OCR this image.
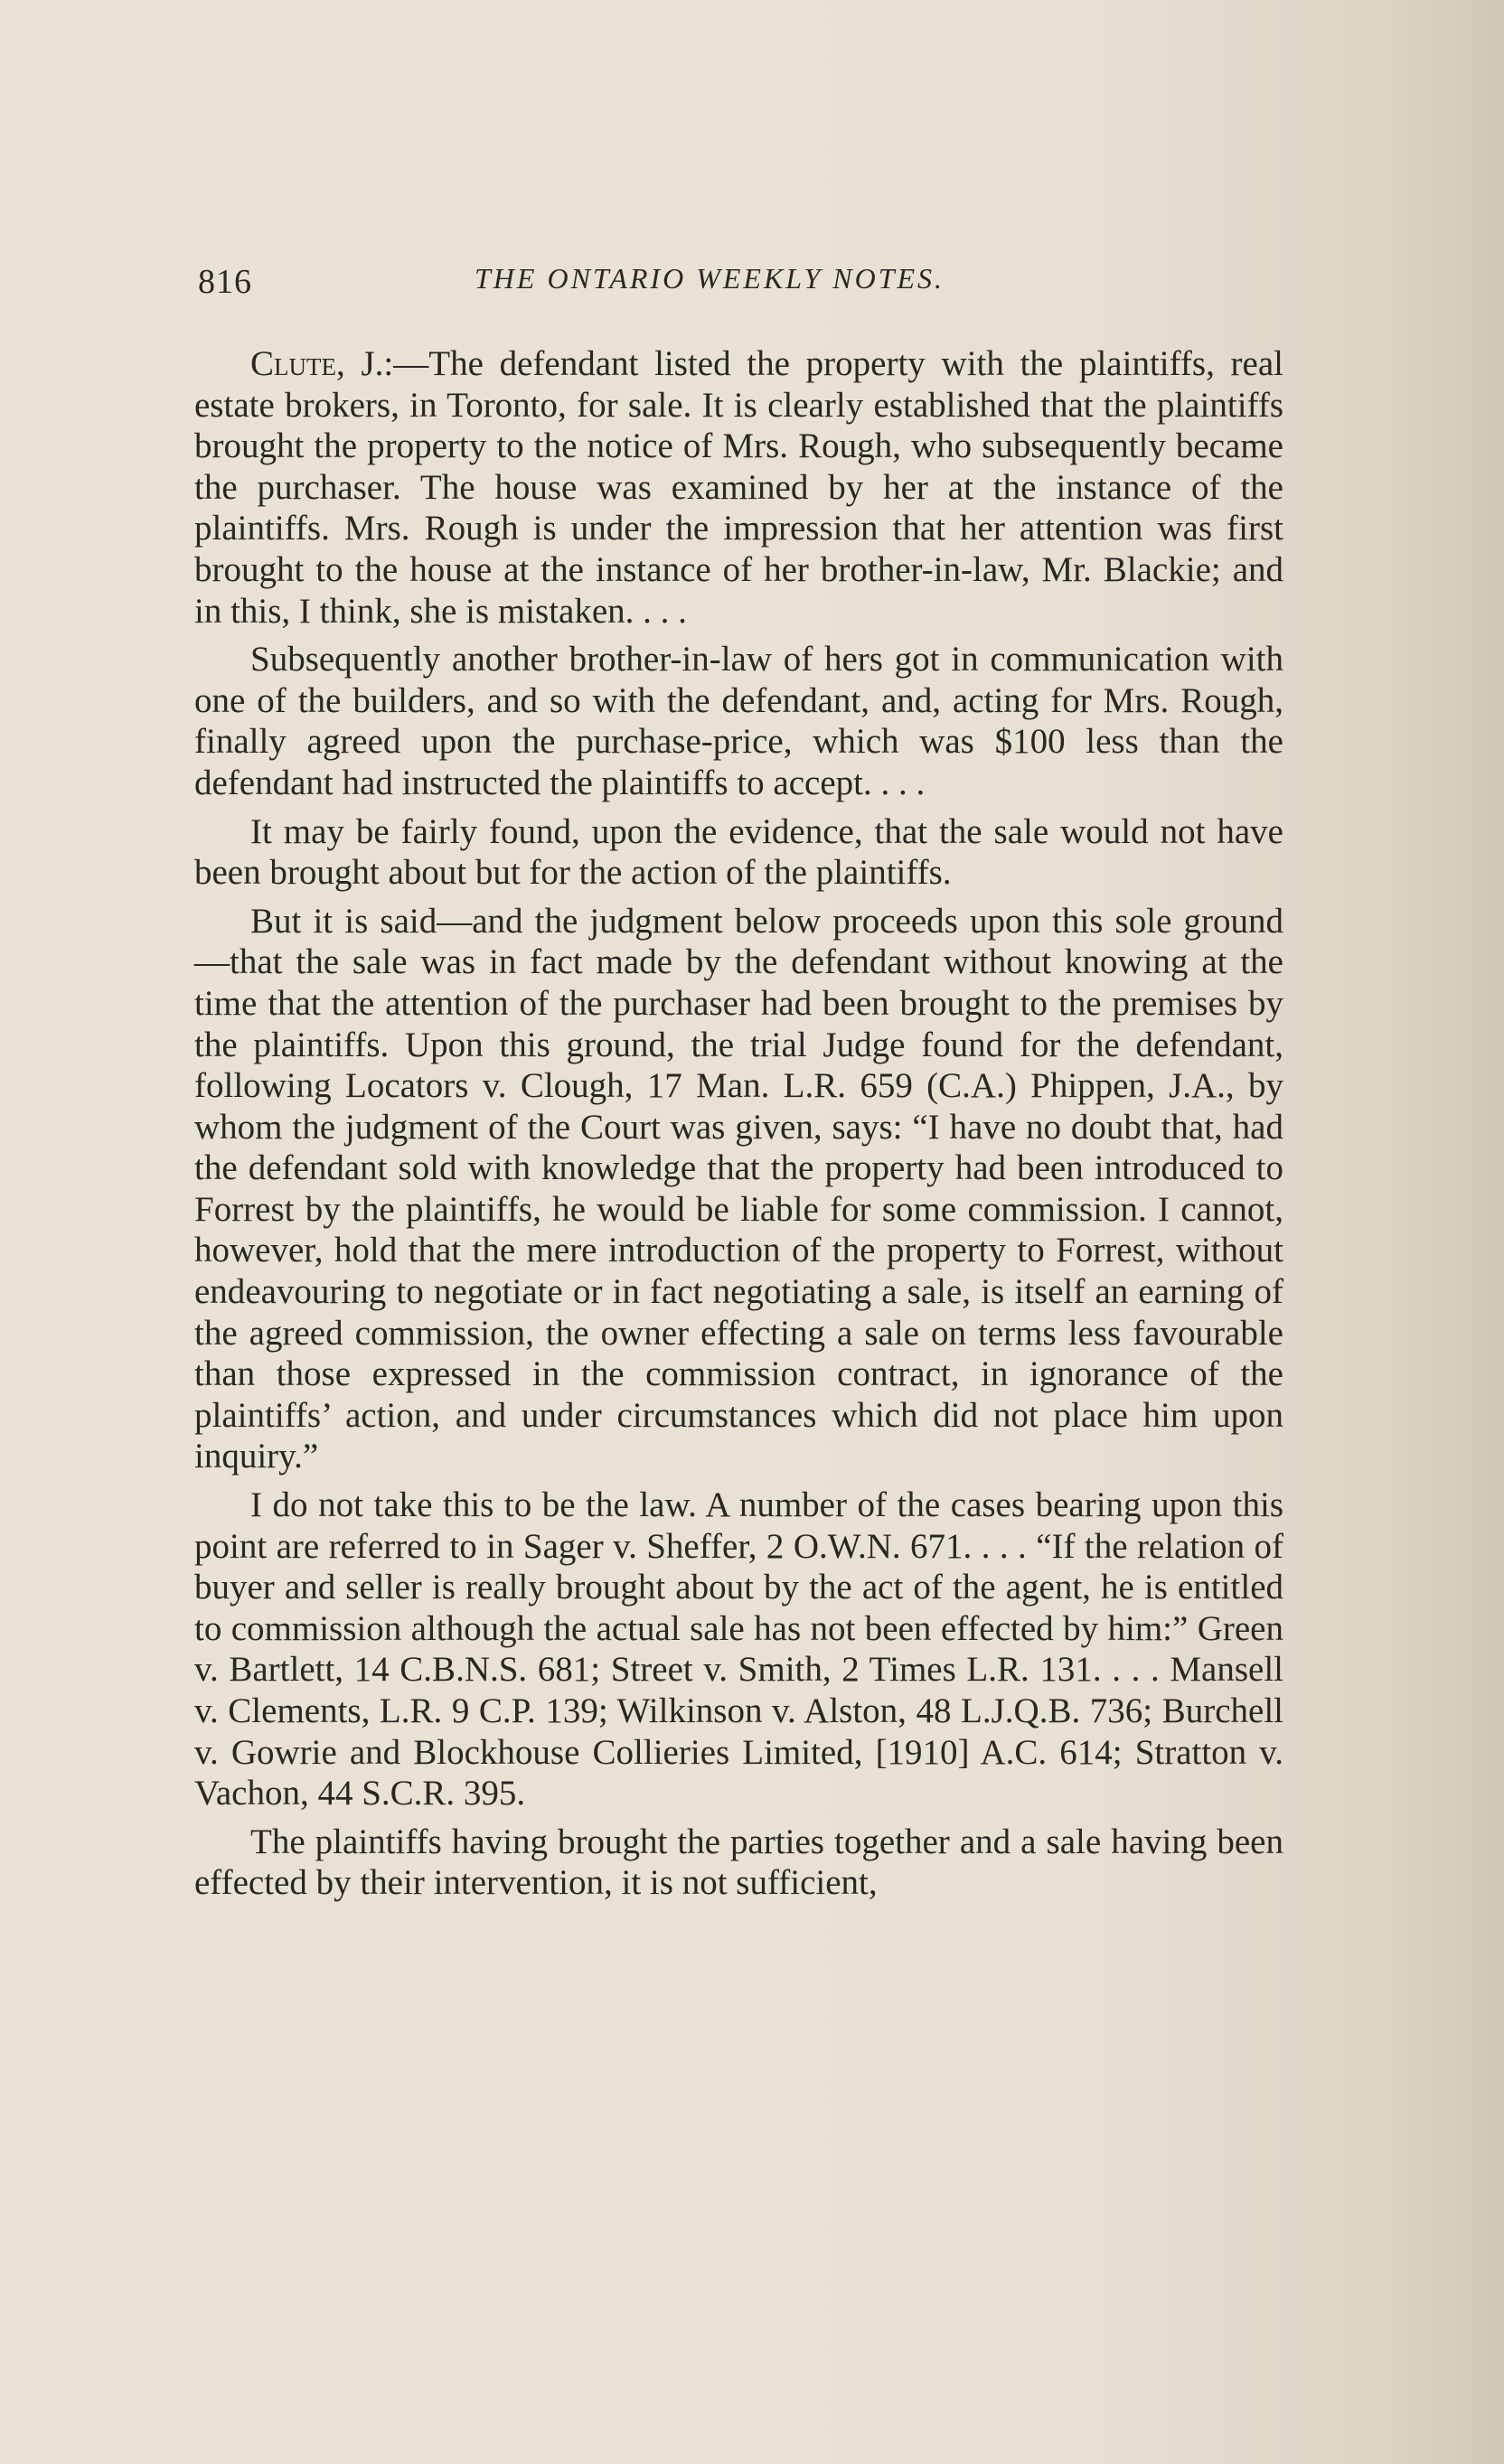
816	THE ONTARIO WEEKLY NOTES.

Clute, J.:—The defendant listed the property with the plaintiffs, real estate brokers, in Toronto, for sale. It is clearly established that the plaintiffs brought the property to the notice of Mrs. Rough, who subsequently became the purchaser. The house was examined by her at the instance of the plaintiffs. Mrs. Rough is under the impression that her attention was first brought to the house at the instance of her brother-in-law, Mr. Blackie; and in this, I think, she is mistaken. . . .

Subsequently another brother-in-law of hers got in communication with one of the builders, and so with the defendant, and, acting for Mrs. Rough, finally agreed upon the purchase-price, which was $100 less than the defendant had instructed the plaintiffs to accept. . . .

It may be fairly found, upon the evidence, that the sale would not have been brought about but for the action of the plaintiffs.

But it is said—and the judgment below proceeds upon this sole ground—that the sale was in fact made by the defendant without knowing at the time that the attention of the purchaser had been brought to the premises by the plaintiffs. Upon this ground, the trial Judge found for the defendant, following Locators v. Clough, 17 Man. L.R. 659 (C.A.) Phippen, J.A., by whom the judgment of the Court was given, says: “I have no doubt that, had the defendant sold with knowledge that the property had been introduced to Forrest by the plaintiffs, he would be liable for some commission. I cannot, however, hold that the mere introduction of the property to Forrest, without endeavouring to negotiate or in fact negotiating a sale, is itself an earning of the agreed commission, the owner effecting a sale on terms less favourable than those expressed in the commission contract, in ignorance of the plaintiffs’ action, and under circumstances which did not place him upon inquiry.”

I do not take this to be the law. A number of the cases bearing upon this point are referred to in Sager v. Sheffer, 2 O.W.N. 671. . . . “If the relation of buyer and seller is really brought about by the act of the agent, he is entitled to commission although the actual sale has not been effected by him:” Green v. Bartlett, 14 C.B.N.S. 681; Street v. Smith, 2 Times L.R. 131. . . . Mansell v. Clements, L.R. 9 C.P. 139; Wilkinson v. Alston, 48 L.J.Q.B. 736; Burchell v. Gowrie and Blockhouse Collieries Limited, [1910] A.C. 614; Stratton v. Vachon, 44 S.C.R. 395.

The plaintiffs having brought the parties together and a sale having been effected by their intervention, it is not sufficient,
